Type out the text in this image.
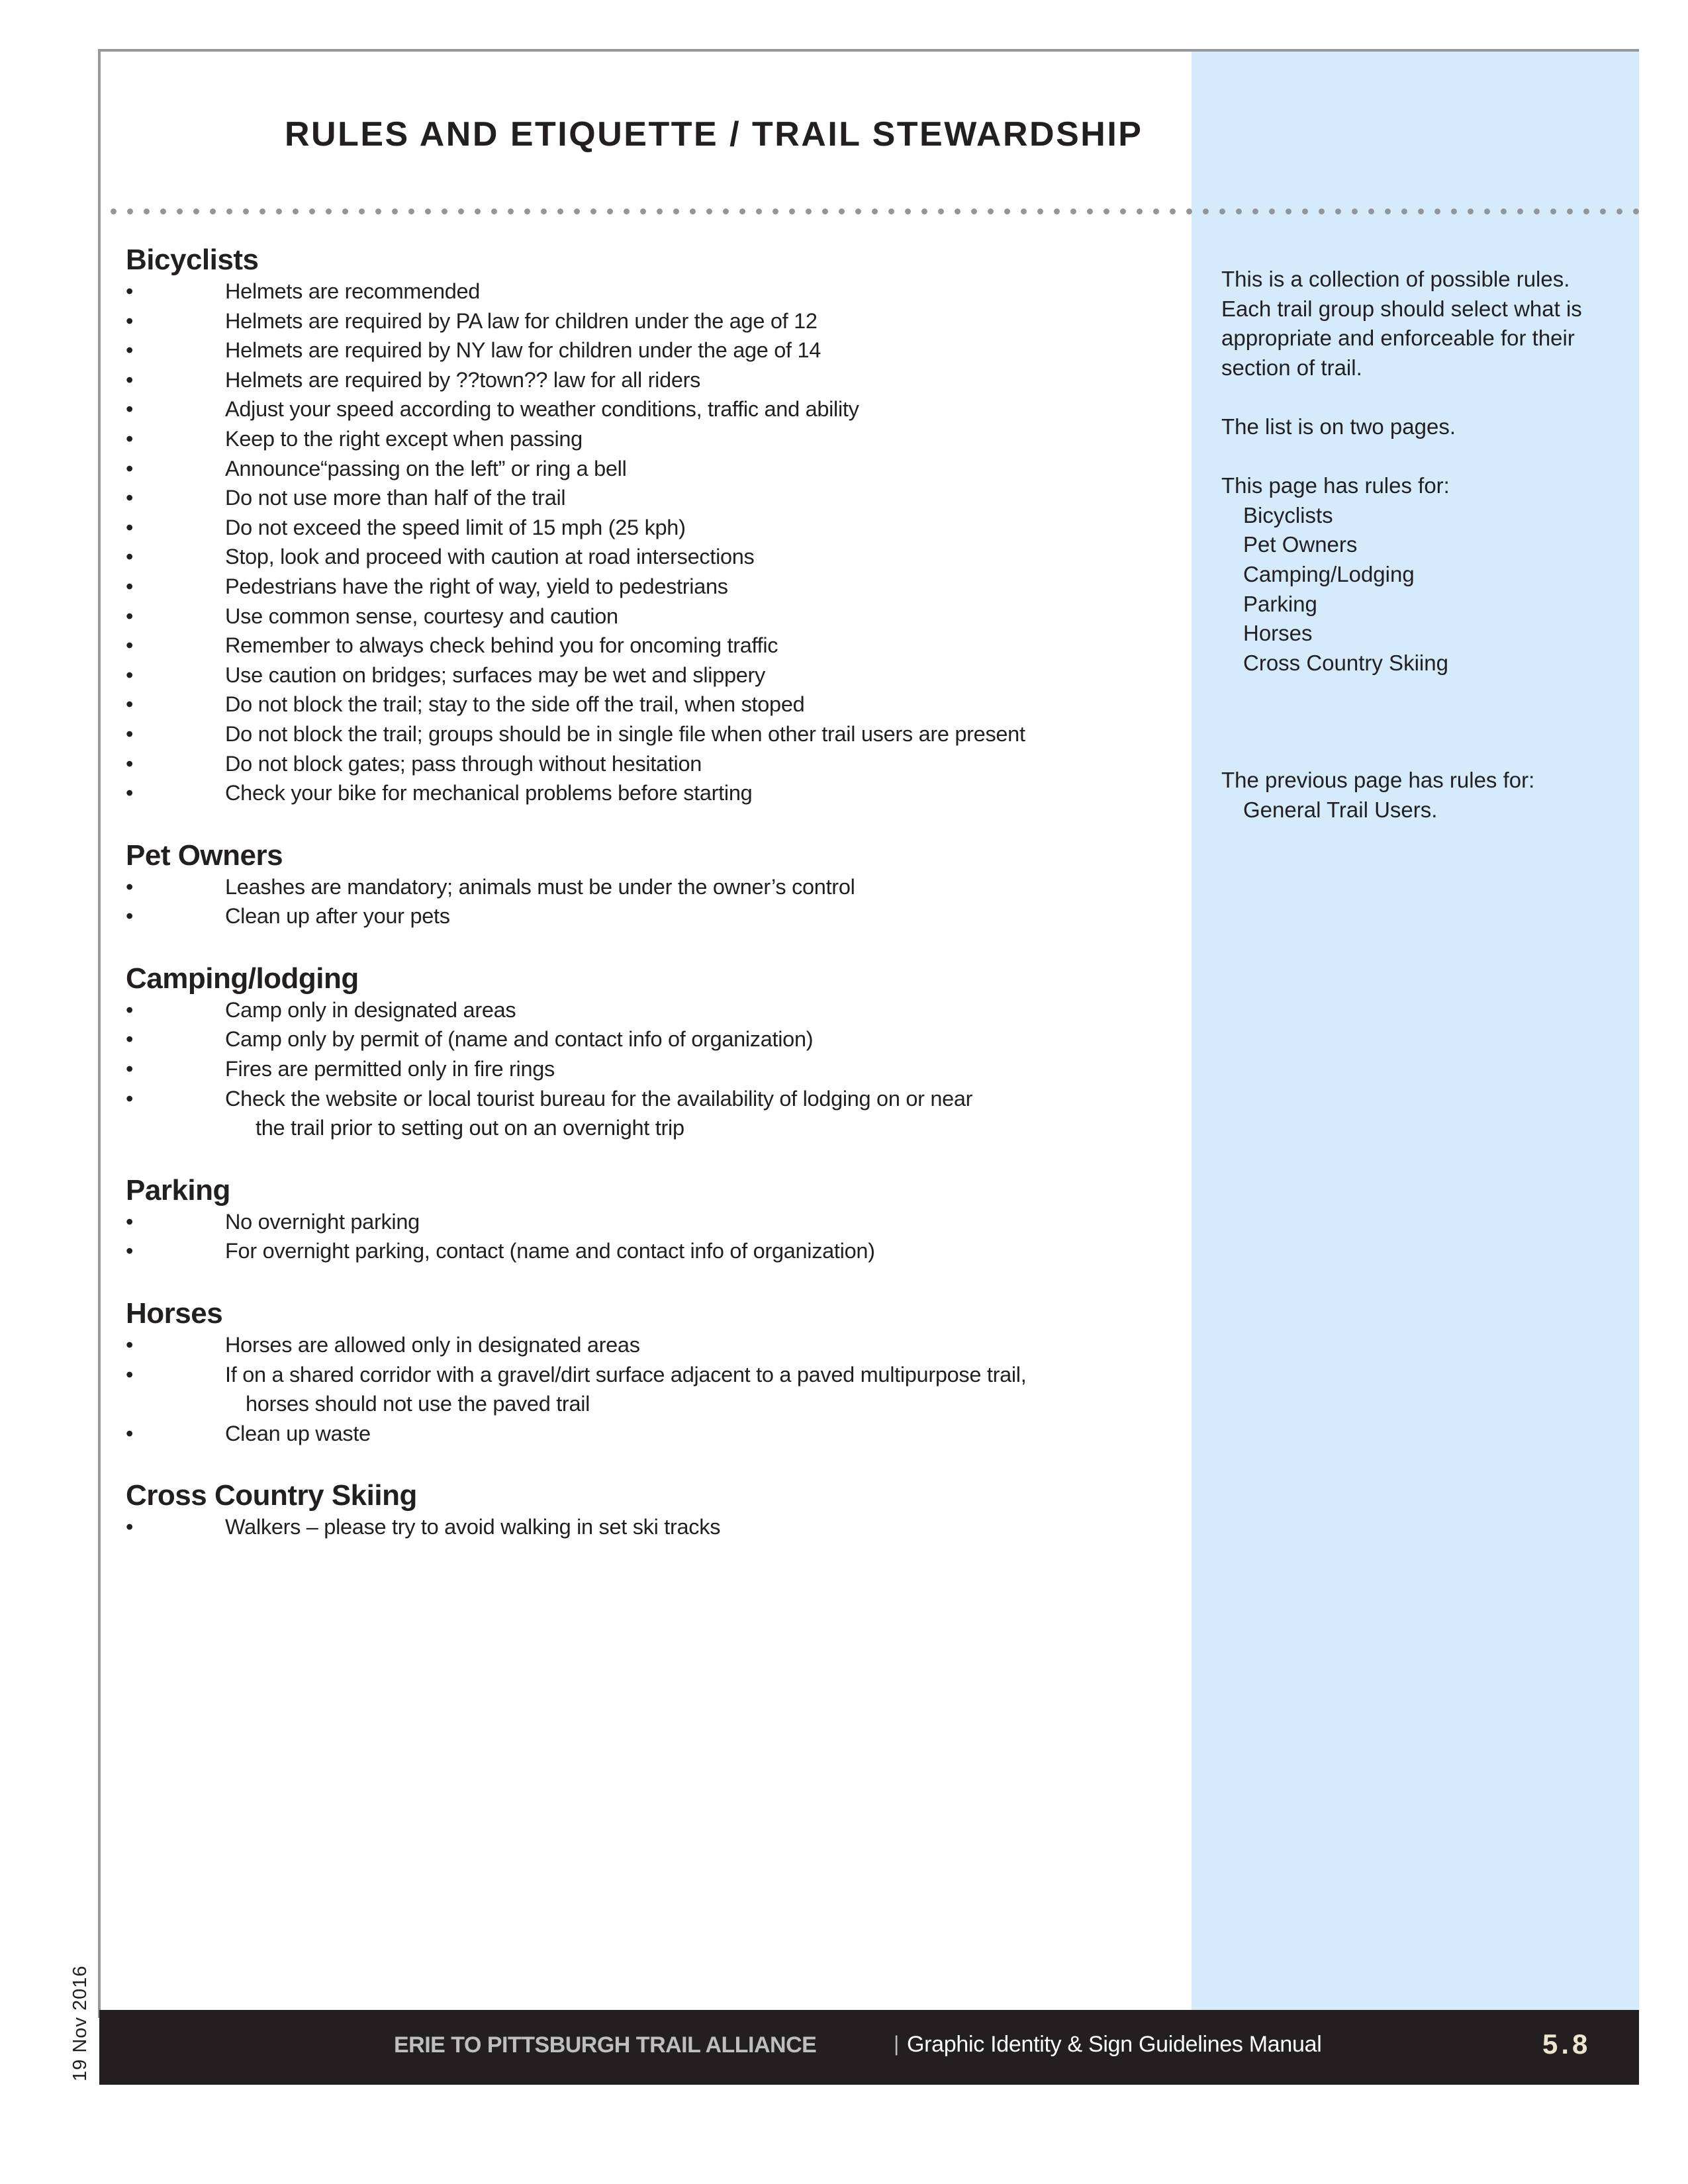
RULES AND ETIQUETTE / TRAIL STEWARDSHIP
Bicyclists
•	Helmets are recommended
•	Helmets are required by PA law for children under the age of 12
•	Helmets are required by NY law for children under the age of 14
•	Helmets are required by ??town?? law for all riders
•	Adjust your speed according to weather conditions, traffic and ability
•	Keep to the right except when passing
•	Announce“passing on the left” or ring a bell
•	Do not use more than half of the trail
•	Do not exceed the speed limit of 15 mph (25 kph)
•	Stop, look and proceed with caution at road intersections
•	Pedestrians have the right of way, yield to pedestrians
•	Use common sense, courtesy and caution
•	Remember to always check behind you for oncoming traffic
•	Use caution on bridges; surfaces may be wet and slippery
•	Do not block the trail; stay to the side off the trail, when stoped
•	Do not block the trail; groups should be in single file when other trail users are present
•	Do not block gates; pass through without hesitation
•	Check your bike for mechanical problems before starting
Pet Owners
•	Leashes are mandatory; animals must be under the owner’s control
•	Clean up after your pets
Camping/lodging
•	Camp only in designated areas
•	Camp only by permit of (name and contact info of organization)
•	Fires are permitted only in fire rings
•	Check the website or local tourist bureau for the availability of lodging on or near
the trail prior to setting out on an overnight trip
Parking
•	No overnight parking
•	For overnight parking, contact (name and contact info of organization)
Horses
•	Horses are allowed only in designated areas
•	If on a shared corridor with a gravel/dirt surface adjacent to a paved multipurpose trail,
horses should not use the paved trail
•	Clean up waste
Cross Country Skiing
•	Walkers – please try to avoid walking in set ski tracks

This is a collection of possible rules. Each trail group should select what is appropriate and enforceable for their section of trail.

The list is on two pages.

This page has rules for:
Bicyclists
Pet Owners
Camping/Lodging
Parking
Horses
Cross Country Skiing

The previous page has rules for:
General Trail Users.

ERIE TO PITTSBURGH TRAIL ALLIANCE	| Graphic Identity & Sign Guidelines Manual	5.8
19 Nov 2016
